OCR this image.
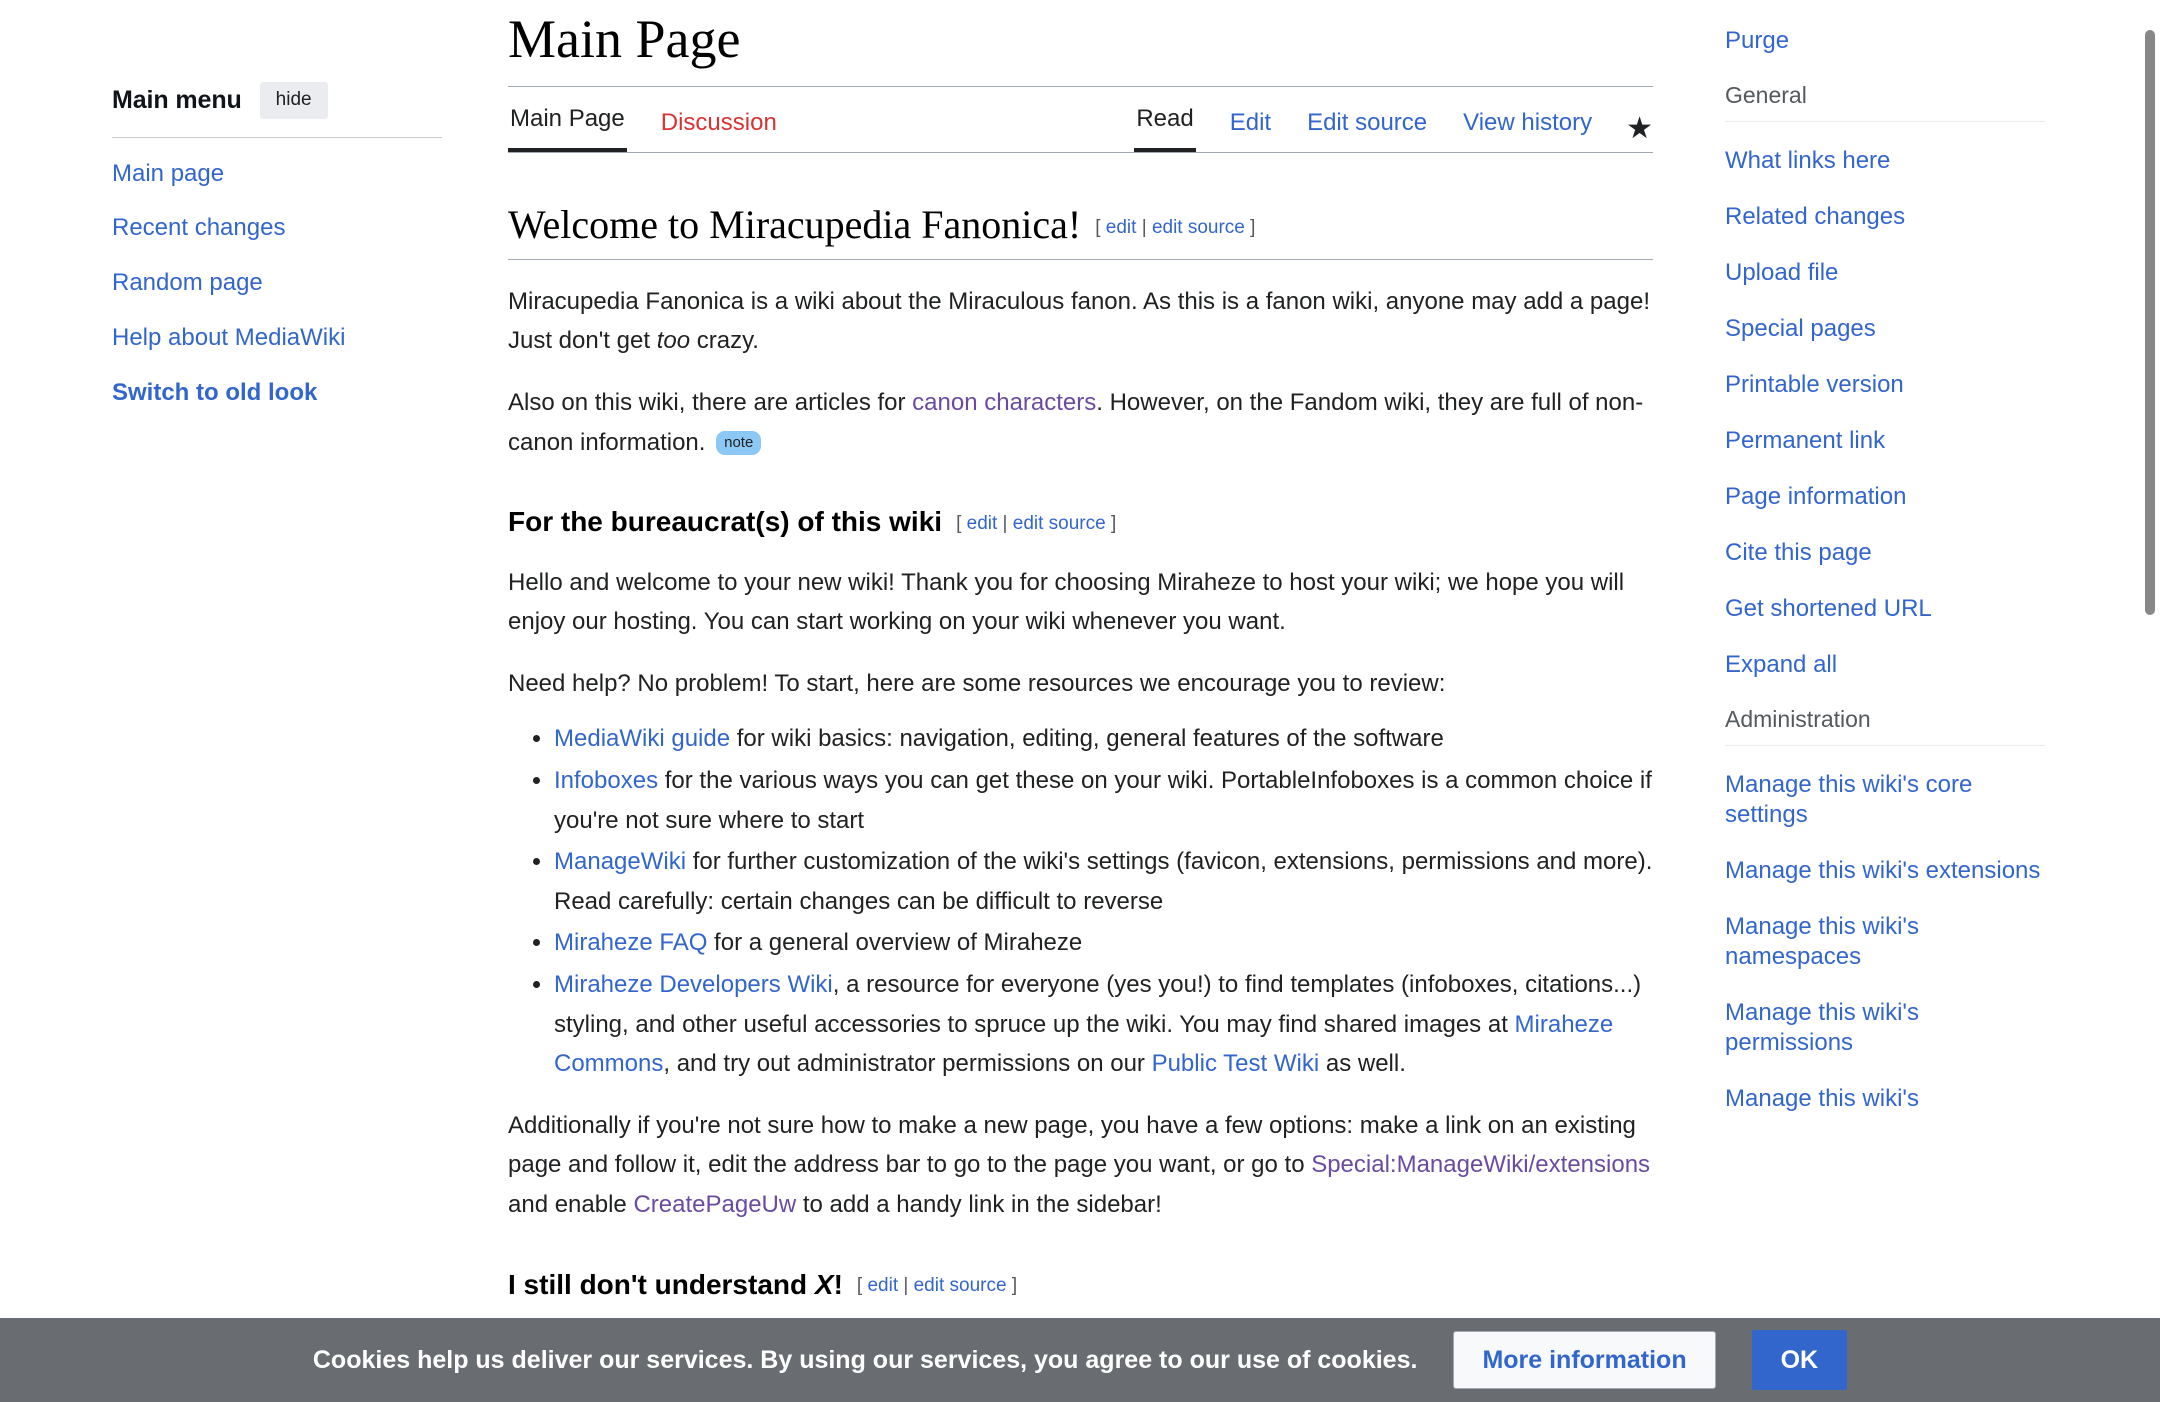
Main menu	hide
Main page
Recent changes
Random page
Help about MediaWiki
Switch to old look
Main Page
Main Page Discussion	Read Edit Edit source View history ★
Welcome to Miracupedia Fanonica! [ edit | edit source ]

Miracupedia Fanonica is a wiki about the Miraculous fanon. As this is a fanon wiki, anyone may add a page! Just don't get too crazy.

Also on this wiki, there are articles for canon characters. However, on the Fandom wiki, they are full of non-canon information. note

For the bureaucrat(s) of this wiki [ edit | edit source ]

Hello and welcome to your new wiki! Thank you for choosing Miraheze to host your wiki; we hope you will enjoy our hosting. You can start working on your wiki whenever you want.

Need help? No problem! To start, here are some resources we encourage you to review:

• MediaWiki guide for wiki basics: navigation, editing, general features of the software
• Infoboxes for the various ways you can get these on your wiki. PortableInfoboxes is a common choice if you're not sure where to start
• ManageWiki for further customization of the wiki's settings (favicon, extensions, permissions and more). Read carefully: certain changes can be difficult to reverse
• Miraheze FAQ for a general overview of Miraheze
• Miraheze Developers Wiki, a resource for everyone (yes you!) to find templates (infoboxes, citations...) styling, and other useful accessories to spruce up the wiki. You may find shared images at Miraheze Commons, and try out administrator permissions on our Public Test Wiki as well.

Additionally if you're not sure how to make a new page, you have a few options: make a link on an existing page and follow it, edit the address bar to go to the page you want, or go to Special:ManageWiki/extensions and enable CreatePageUw to add a handy link in the sidebar!

I still don't understand X! [ edit | edit source ]
Purge
General
What links here
Related changes
Upload file
Special pages
Printable version
Permanent link
Page information
Cite this page
Get shortened URL
Expand all
Administration
Manage this wiki's core settings
Manage this wiki's extensions
Manage this wiki's namespaces
Manage this wiki's permissions
Manage this wiki's
Cookies help us deliver our services. By using our services, you agree to our use of cookies.	More information	OK
